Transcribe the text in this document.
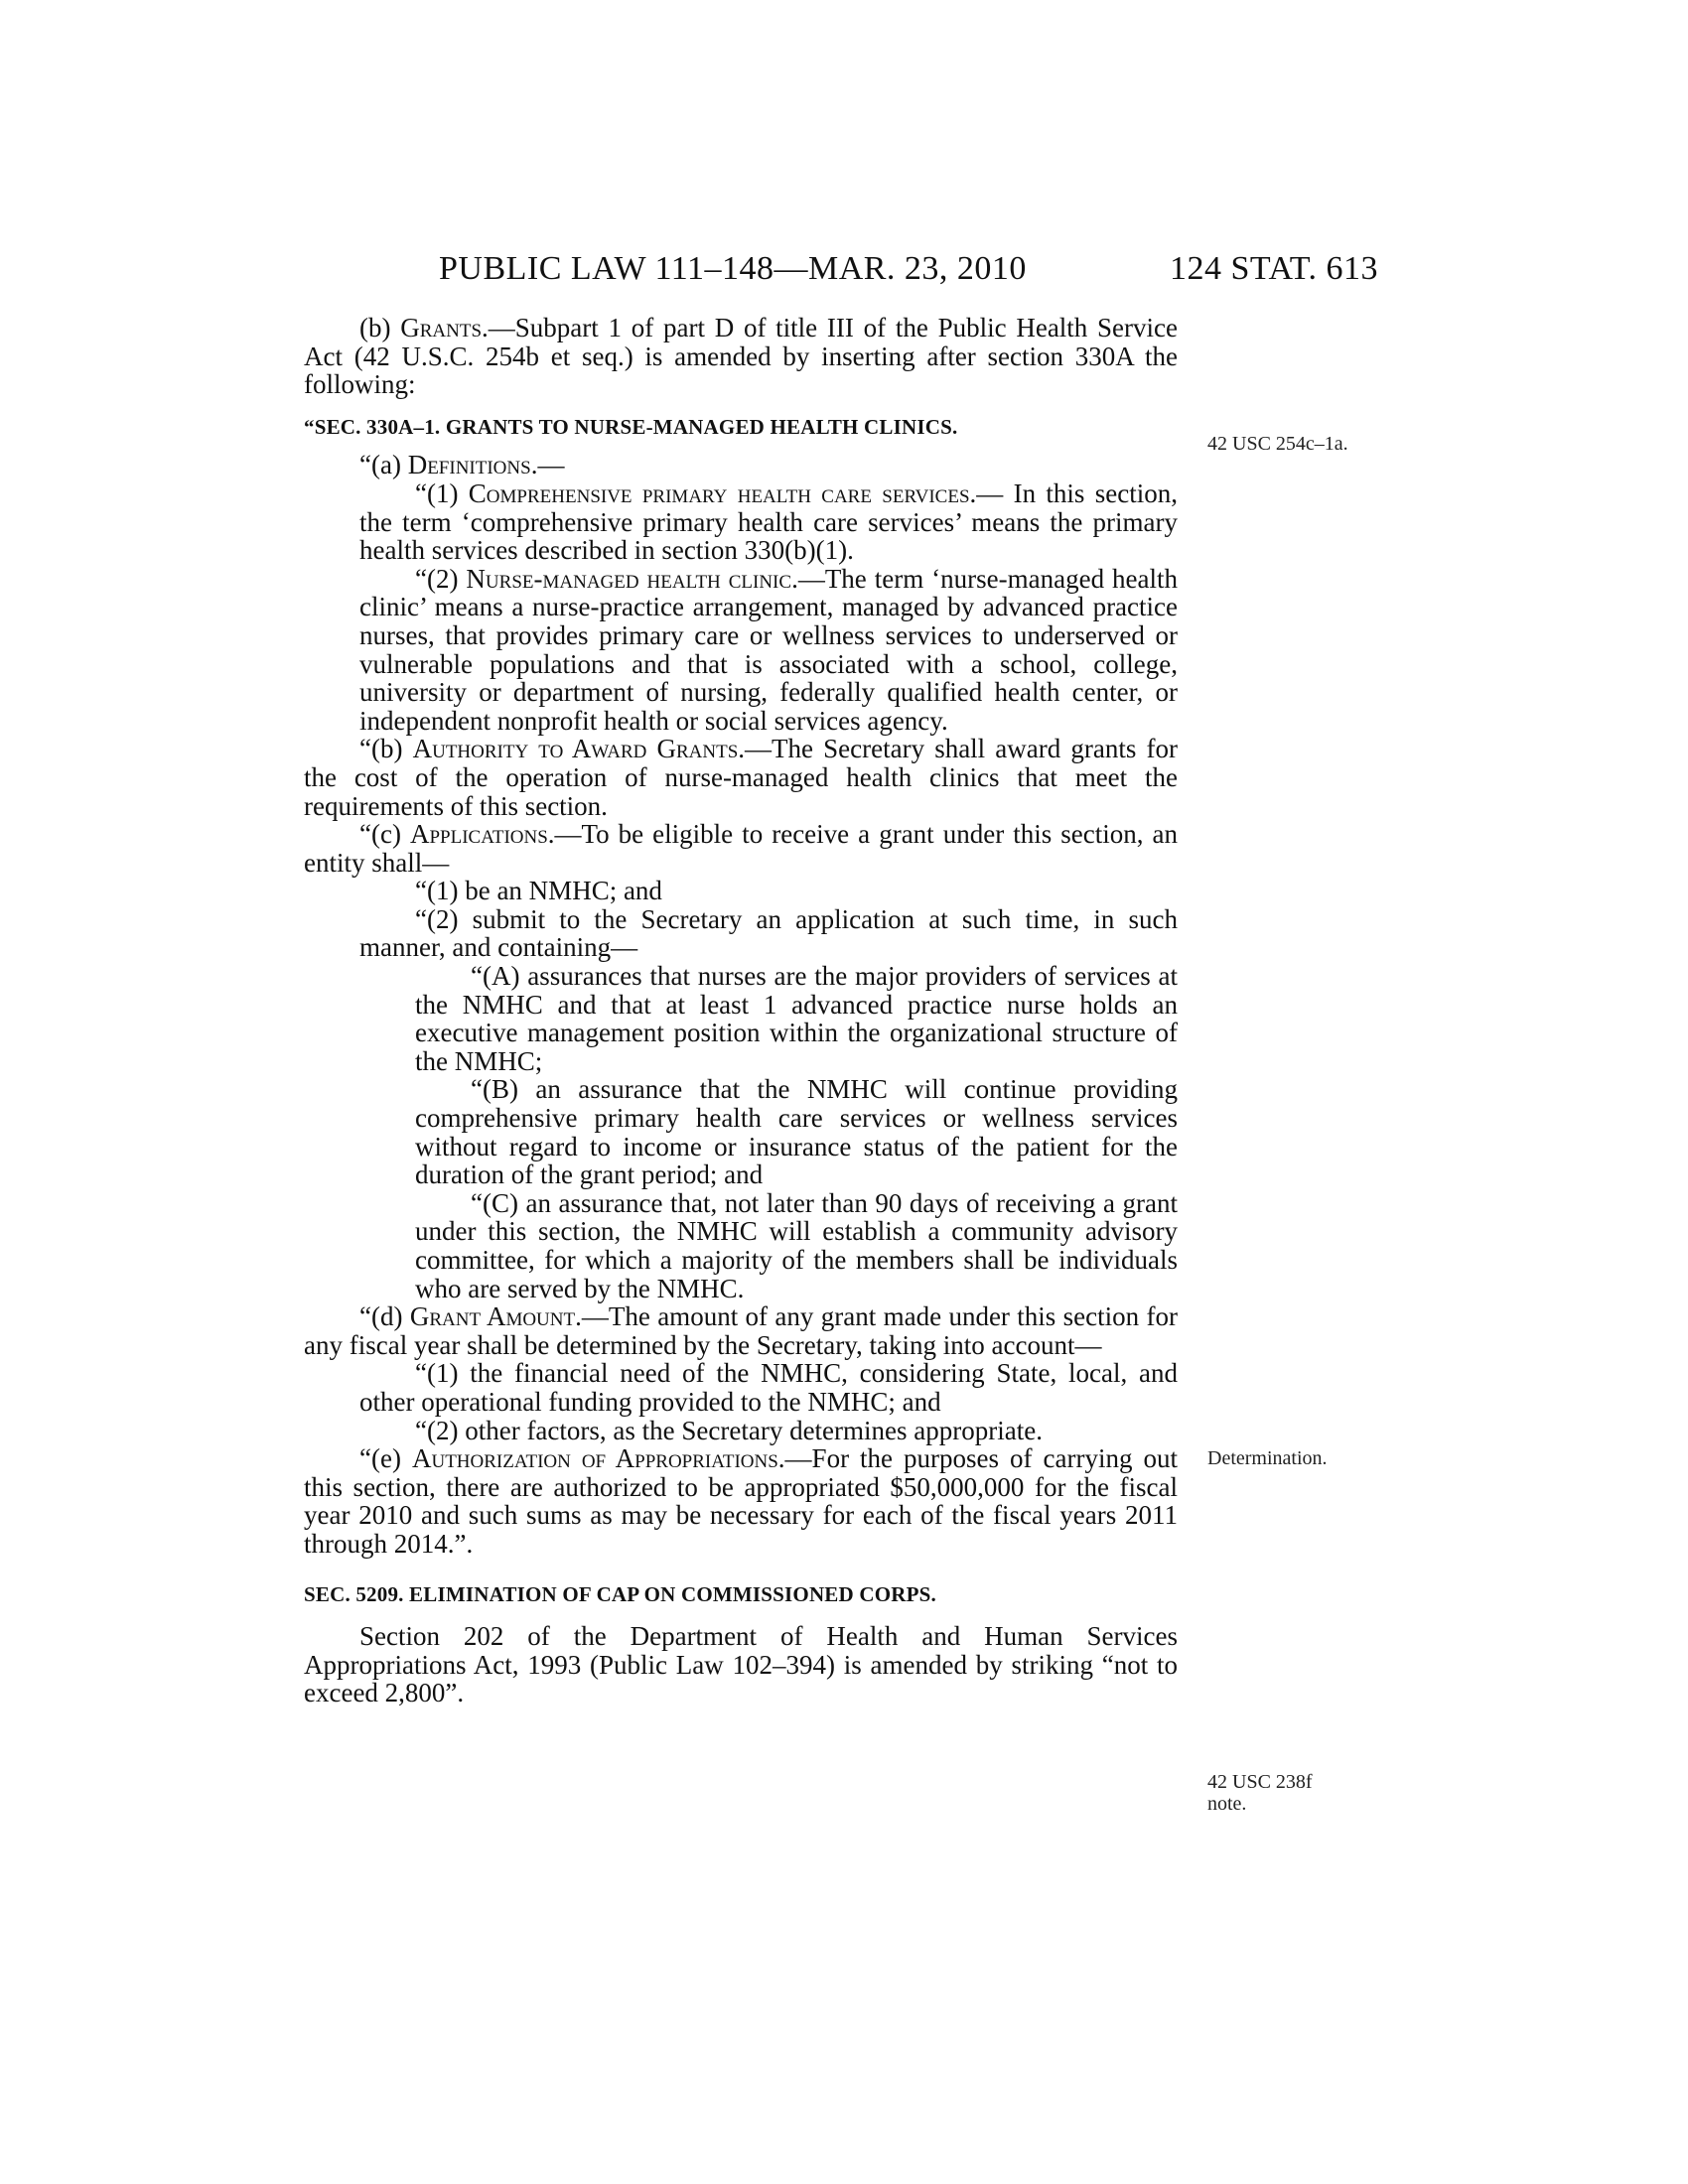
PUBLIC LAW 111–148—MAR. 23, 2010	124 STAT. 613

(b) Grants.—Subpart 1 of part D of title III of the Public Health Service Act (42 U.S.C. 254b et seq.) is amended by inserting after section 330A the following:

“SEC. 330A–1. GRANTS TO NURSE-MANAGED HEALTH CLINICS.

“(a) Definitions.—

“(1) Comprehensive primary health care services.— In this section, the term ‘comprehensive primary health care services’ means the primary health services described in section 330(b)(1).

“(2) Nurse-managed health clinic.—The term ‘nurse-managed health clinic’ means a nurse-practice arrangement, managed by advanced practice nurses, that provides primary care or wellness services to underserved or vulnerable populations and that is associated with a school, college, university or department of nursing, federally qualified health center, or independent nonprofit health or social services agency.

“(b) Authority to Award Grants.—The Secretary shall award grants for the cost of the operation of nurse-managed health clinics that meet the requirements of this section.

“(c) Applications.—To be eligible to receive a grant under this section, an entity shall—

“(1) be an NMHC; and

“(2) submit to the Secretary an application at such time, in such manner, and containing—

“(A) assurances that nurses are the major providers of services at the NMHC and that at least 1 advanced practice nurse holds an executive management position within the organizational structure of the NMHC;

“(B) an assurance that the NMHC will continue providing comprehensive primary health care services or wellness services without regard to income or insurance status of the patient for the duration of the grant period; and

“(C) an assurance that, not later than 90 days of receiving a grant under this section, the NMHC will establish a community advisory committee, for which a majority of the members shall be individuals who are served by the NMHC.

“(d) Grant Amount.—The amount of any grant made under this section for any fiscal year shall be determined by the Secretary, taking into account—

“(1) the financial need of the NMHC, considering State, local, and other operational funding provided to the NMHC; and

“(2) other factors, as the Secretary determines appropriate.

“(e) Authorization of Appropriations.—For the purposes of carrying out this section, there are authorized to be appropriated $50,000,000 for the fiscal year 2010 and such sums as may be necessary for each of the fiscal years 2011 through 2014.”.

SEC. 5209. ELIMINATION OF CAP ON COMMISSIONED CORPS.

Section 202 of the Department of Health and Human Services Appropriations Act, 1993 (Public Law 102–394) is amended by striking “not to exceed 2,800”.

42 USC 254c–1a.
Determination.
42 USC 238f note.
